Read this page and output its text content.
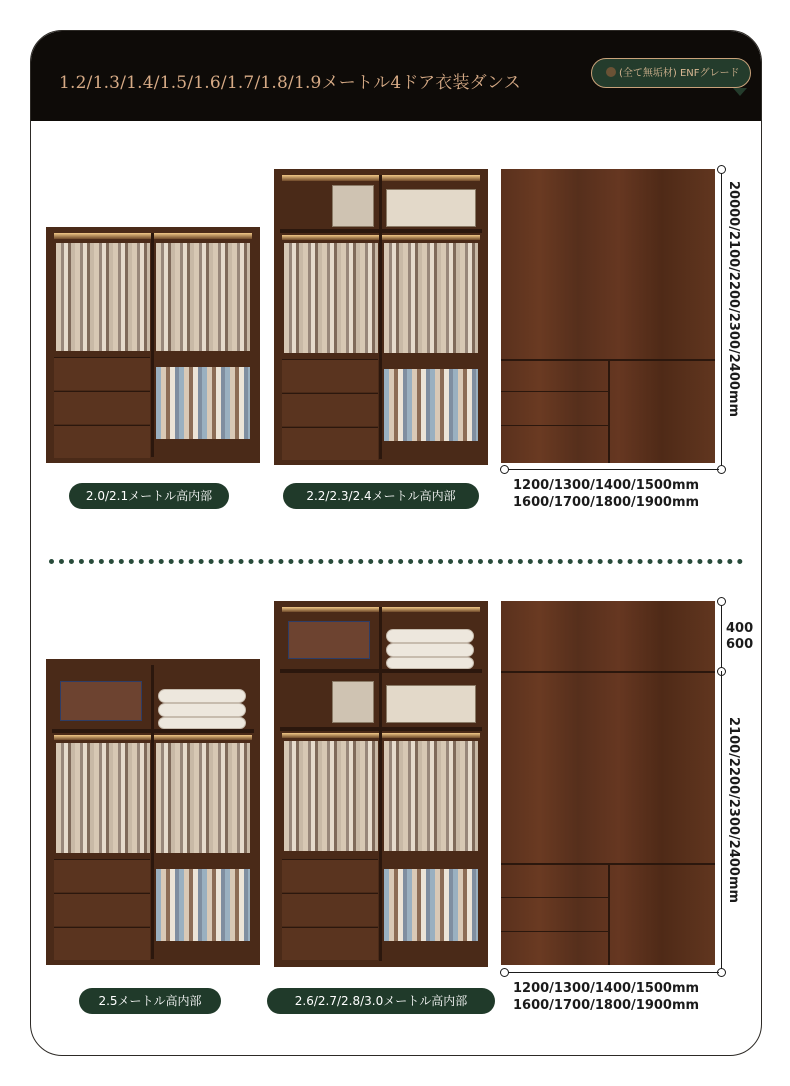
1.2/1.3/1.4/1.5/1.6/1.7/1.8/1.9メートル4ドア衣装ダンス	(全て無垢材) ENFグレード
2.0/2.1メートル高内部	2.2/2.3/2.4メートル高内部
20000/2100/2200/2300/2400mm
1200/1300/1400/1500mm
1600/1700/1800/1900mm
2.5メートル高内部	2.6/2.7/2.8/3.0メートル高内部
400
600
2100/2200/2300/2400mm
1200/1300/1400/1500mm
1600/1700/1800/1900mm
